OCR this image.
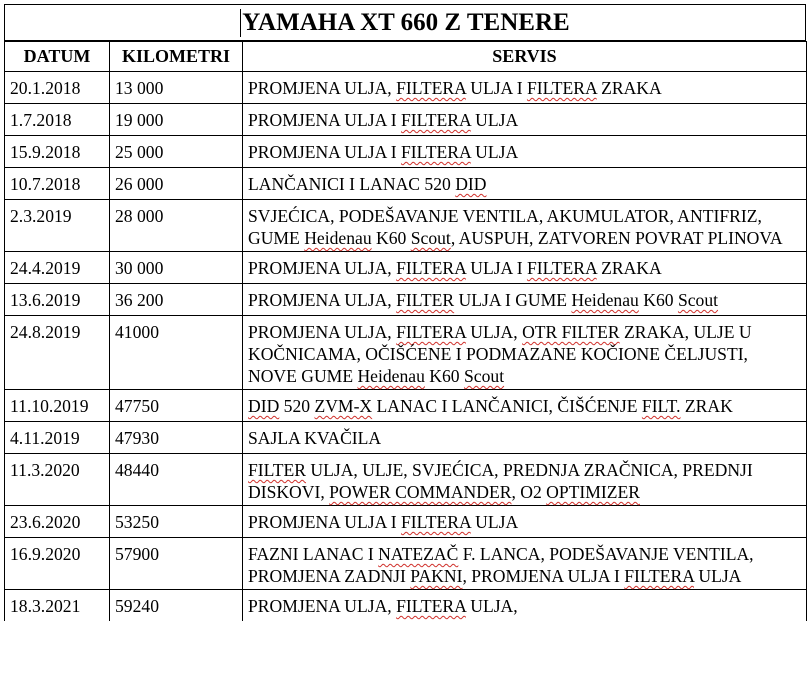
YAMAHA XT 660 Z TENERE
DATUM	KILOMETRI	SERVIS
20.1.2018	13 000	PROMJENA ULJA, FILTERA ULJA I FILTERA ZRAKA
1.7.2018	19 000	PROMJENA ULJA I FILTERA ULJA
15.9.2018	25 000	PROMJENA ULJA I FILTERA ULJA
10.7.2018	26 000	LANČANICI I LANAC 520 DID
2.3.2019	28 000	SVJEĆICA, PODEŠAVANJE VENTILA, AKUMULATOR, ANTIFRIZ, GUME Heidenau K60 Scout, AUSPUH, ZATVOREN POVRAT PLINOVA
24.4.2019	30 000	PROMJENA ULJA, FILTERA ULJA I FILTERA ZRAKA
13.6.2019	36 200	PROMJENA ULJA, FILTER ULJA I GUME Heidenau K60 Scout
24.8.2019	41000	PROMJENA ULJA, FILTERA ULJA, OTR FILTER ZRAKA, ULJE U KOČNICAMA, OČIŠĆENE I PODMAZANE KOČIONE ČELJUSTI, NOVE GUME Heidenau K60 Scout
11.10.2019	47750	DID 520 ZVM-X LANAC I LANČANICI, ČIŠĆENJE FILT. ZRAK
4.11.2019	47930	SAJLA KVAČILA
11.3.2020	48440	FILTER ULJA, ULJE, SVJEĆICA, PREDNJA ZRAČNICA, PREDNJI DISKOVI, POWER COMMANDER, O2 OPTIMIZER
23.6.2020	53250	PROMJENA ULJA I FILTERA ULJA
16.9.2020	57900	FAZNI LANAC I NATEZAČ F. LANCA, PODEŠAVANJE VENTILA, PROMJENA ZADNJI PAKNI, PROMJENA ULJA I FILTERA ULJA
18.3.2021	59240	PROMJENA ULJA, FILTERA ULJA,
